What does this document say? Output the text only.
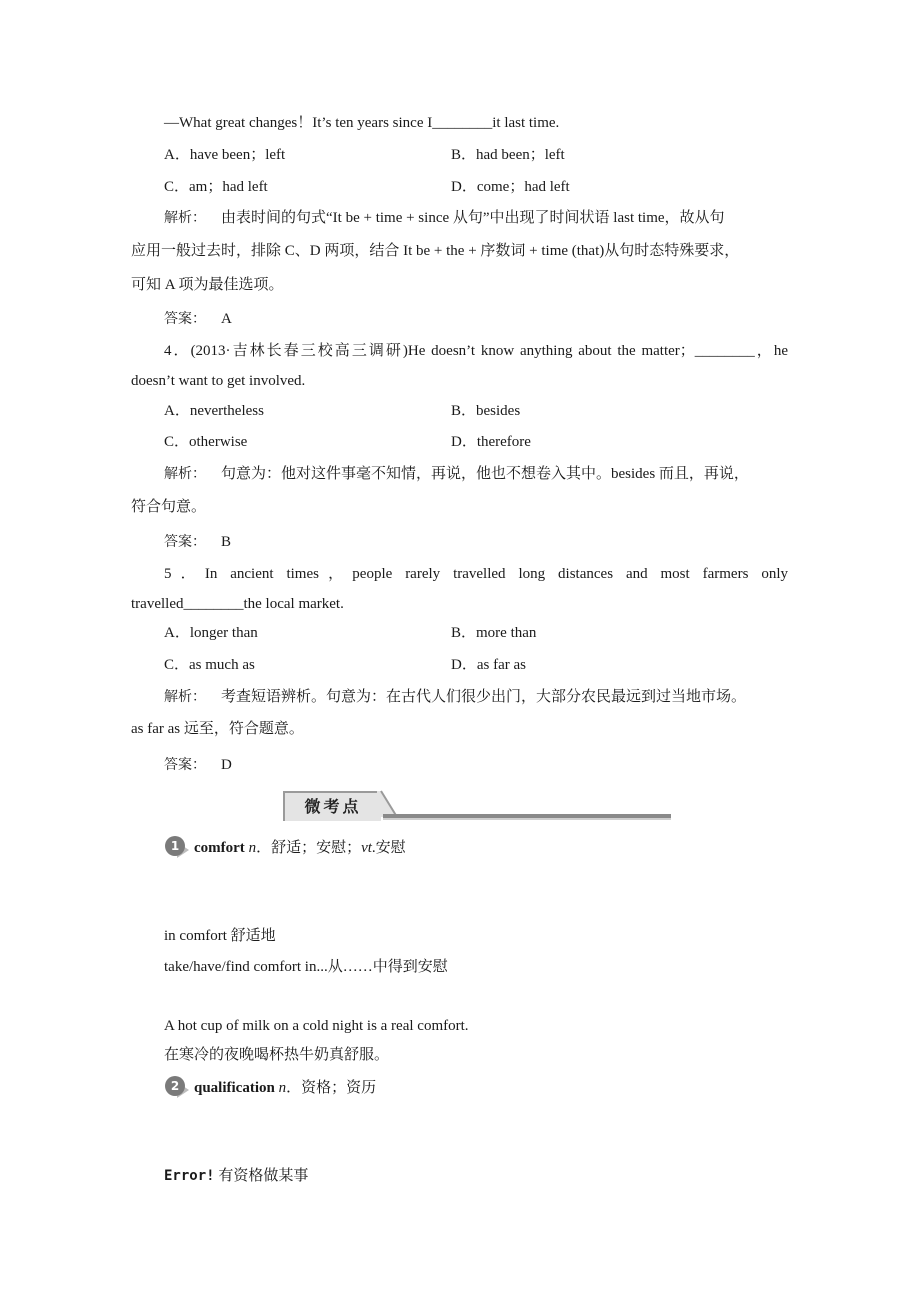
—What great changes！It’s ten years since I________it last time.
A．have been；left	B．had been；left
C．am；had left	D．come；had left
解析： 由表时间的句式“It be + time + since 从句”中出现了时间状语 last time，故从句
应用一般过去时，排除 C、D 两项，结合 It be + the + 序数词 + time (that)从句时态特殊要求，
可知 A 项为最佳选项。
答案： A
4．(2013·吉林长春三校高三调研)He doesn’t know anything about the matter；________，he
doesn’t want to get involved.
A．nevertheless	B．besides
C．otherwise	D．therefore
解析： 句意为：他对这件事毫不知情，再说，他也不想卷入其中。besides 而且，再说，
符合句意。
答案： B
5．In ancient times，people rarely travelled long distances and most farmers only
travelled________the local market.
A．longer than	B．more than
C．as much as	D．as far as
解析： 考查短语辨析。句意为：在古代人们很少出门，大部分农民最远到过当地市场。
as far as 远至，符合题意。
答案： D
微考点
1 comfort n．舒适；安慰；vt.安慰
in comfort 舒适地
take/have/find comfort in...从……中得到安慰
A hot cup of milk on a cold night is a real comfort.
在寒冷的夜晚喝杯热牛奶真舒服。
2 qualification n．资格；资历
Error! 有资格做某事
